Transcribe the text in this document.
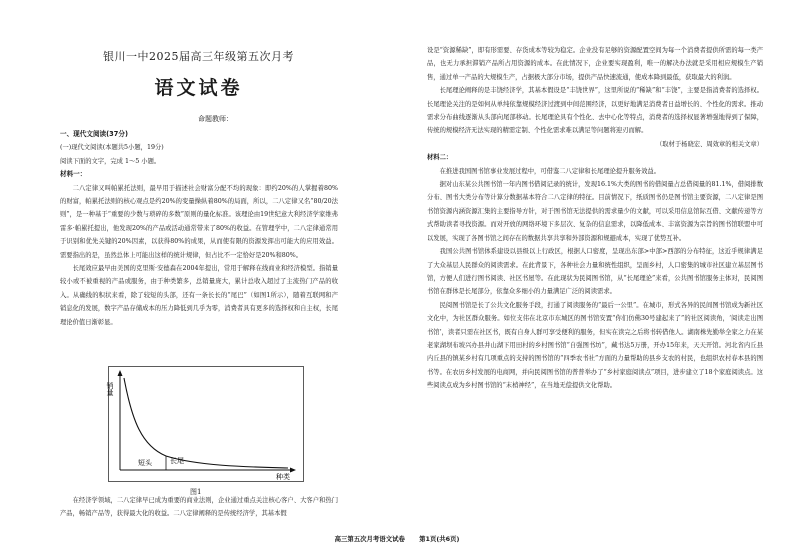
银川一中2025届高三年级第五次月考
语文试卷
命题教师：

一、现代文阅读(37分)

(一)现代文阅读(本题共5小题，19分)

阅读下面的文字，完成 1～5 小题。

材料一：

二八定律又叫帕累托法则，最早用于描述社会财富分配不均的现象：即约20%的人掌握着80%的财富，帕累托法则的核心观点是约20%的变量操纵着80%的局面，所以，二八定律又名“80/20法则”，是一种基于“重要的少数与琐碎的多数”原则的量化标准。该理论由19世纪意大利经济学家维弗雷多·帕累托提出，他发现20%的产品或活动通常带来了80%的收益。在管理学中，二八定律通常用于识别和优先关键的20%因素，以获得80%的成果，从而使有限的资源发挥出可能大的应用效益。需要指出的是，虽然总体上可能出这样的统计规律，但占比不一定恰好是20%和80%。

长尾效应最早由美国的克里斯·安德森在2004年提出，常用于解释在线商业和经济模型。指销量较小或不被重视的产品或服务，由于种类繁多，总销量庞大，累计总收入超过了主流热门产品的收入。从确线的积状来看，除了较短的头部，还有一条长长的“尾巴”（如图1所示），随着互联网和产销息化的发展，数字产品存储成本的压力降低到几乎为零，消费者具有更多的选择权和自主权，长尾理论价值日渐彰显。

销量
种类
短头	长尾
图1

在经济学领域，二八定律早已成为重要的商业法则，企业通过重点关注核心客户、大客户和热门产品，畅销产品等，获得最大化的收益。二八定律阐释的是传统经济学，其基本假

设是“资源稀缺”，即有形需要、存货成本等较为稳定。企业没有足够的资源配置空间为每一个消费者提供所需的每一类产品，也无力承担滞销产品所占用资源的成本。在此情况下，企业要实现盈利，唯一的解决办法就是采用相应规模生产销售，通过单一产品的大规模生产，占据极大部分市场，提供产品快速流通，使成本降到最低，获取最大的利润。

长尾理论阐释的是丰饶经济学，其基本假设是“丰饶世界”，这里所说的“稀缺”和“丰饶”，主要是指消费者的选择权。长尾理论关注的是如何从单纯依靠规模经济过渡到中间范围经济，以更好地满足消费者日益增长的、个性化的需求。推动需求分布曲线逐渐从头部向尾部移动。长尾理论具有个性化、去中心化等特点，消费者的选择权显著增强地得到了保障，传统的规模经济无法实现的精需定制、个性化需求难以满足等问题将迎刃而解。

（取材于杨晓宏、周效章的相关文章）

材料二：

在推进我国图书馆事业发展过程中，可借鉴二八定律和长尾理论提升服务效益。

据对山东某公共图书馆一年内图书借阅记录的统计，发现16.1%大类的图书的借阅量占总借阅量的81.1%，借阅排数分布、图书大类分布等计算分数据基本符合二八定律的特征。目前情况下，纸质图书仍是图书馆主要资源，二八定律是图书馆资源内涵资源汇集的主要指导方针，对于图书馆无法提供的需求量少的文献，可以采用信息馆际互借、文献传递等方式帮助读者寻找资源。而对开放的网络环境下多层次、复杂的信息需求，以降低成本、丰富资源为宗旨的图书馆联盟中可以发展，实现了各图书馆之间存在的数据共享共享和外部资源和规避成本，实现了优势互补。

我国公共图书馆体系建设以县级以上行政区，根据人口密度，呈现出东部>中部>西部的分布特征，这近乎规律满足了大众基层人民群众的阅读需求。在此背景下，各种社会力量和统性组织，呈面乡村，人口密集的城市社区建立基层图书馆，方便人们进行图书阅读、社区书屋等。在此现状为民阅图书馆，从“长尾理论”来看，公共图书馆服务主体对，民阅图书馆在群体是长尾部分，依靠众多细小的力量满足广泛的阅读需求。

民阅图书馆是长了公共文化服务手段，打通了阅读服务的“最后一公里”。在城市，形式各异的民间图书馆成为新社区文化中，为社区群众服务。如位支伟在北京市东城区的图书馆安置“你们仿佛30号建起来了”的社区阅读角，‘阅读走出图书馆’，读者只需在社区书，既有自身人群可享受便利的服务，但实在读完之后将书转借他人。湖南株先勤举全家之力在某老家湖坝布坡兴办县井山湖下用田村的乡村图书馆“自强图书坊”，藏书达5万册，开办15年来，天天开馆。河北省内丘县内丘县的镇某乡村有几项重点的支持的图书馆的“四季农书社”方面的力量帮助的县乡支农的村民，也组织农村春本县的图书等。在农历乡村发展的电商网，并向民阅图书馆的普普举办了“乡村家庭阅读点”项目，进步建立了18个家庭阅读点。这些阅读点成为乡村图书馆的“末梢神经”，在当地无偿提供文化帮助。

高三第五次月考语文试卷 第1页(共6页)
